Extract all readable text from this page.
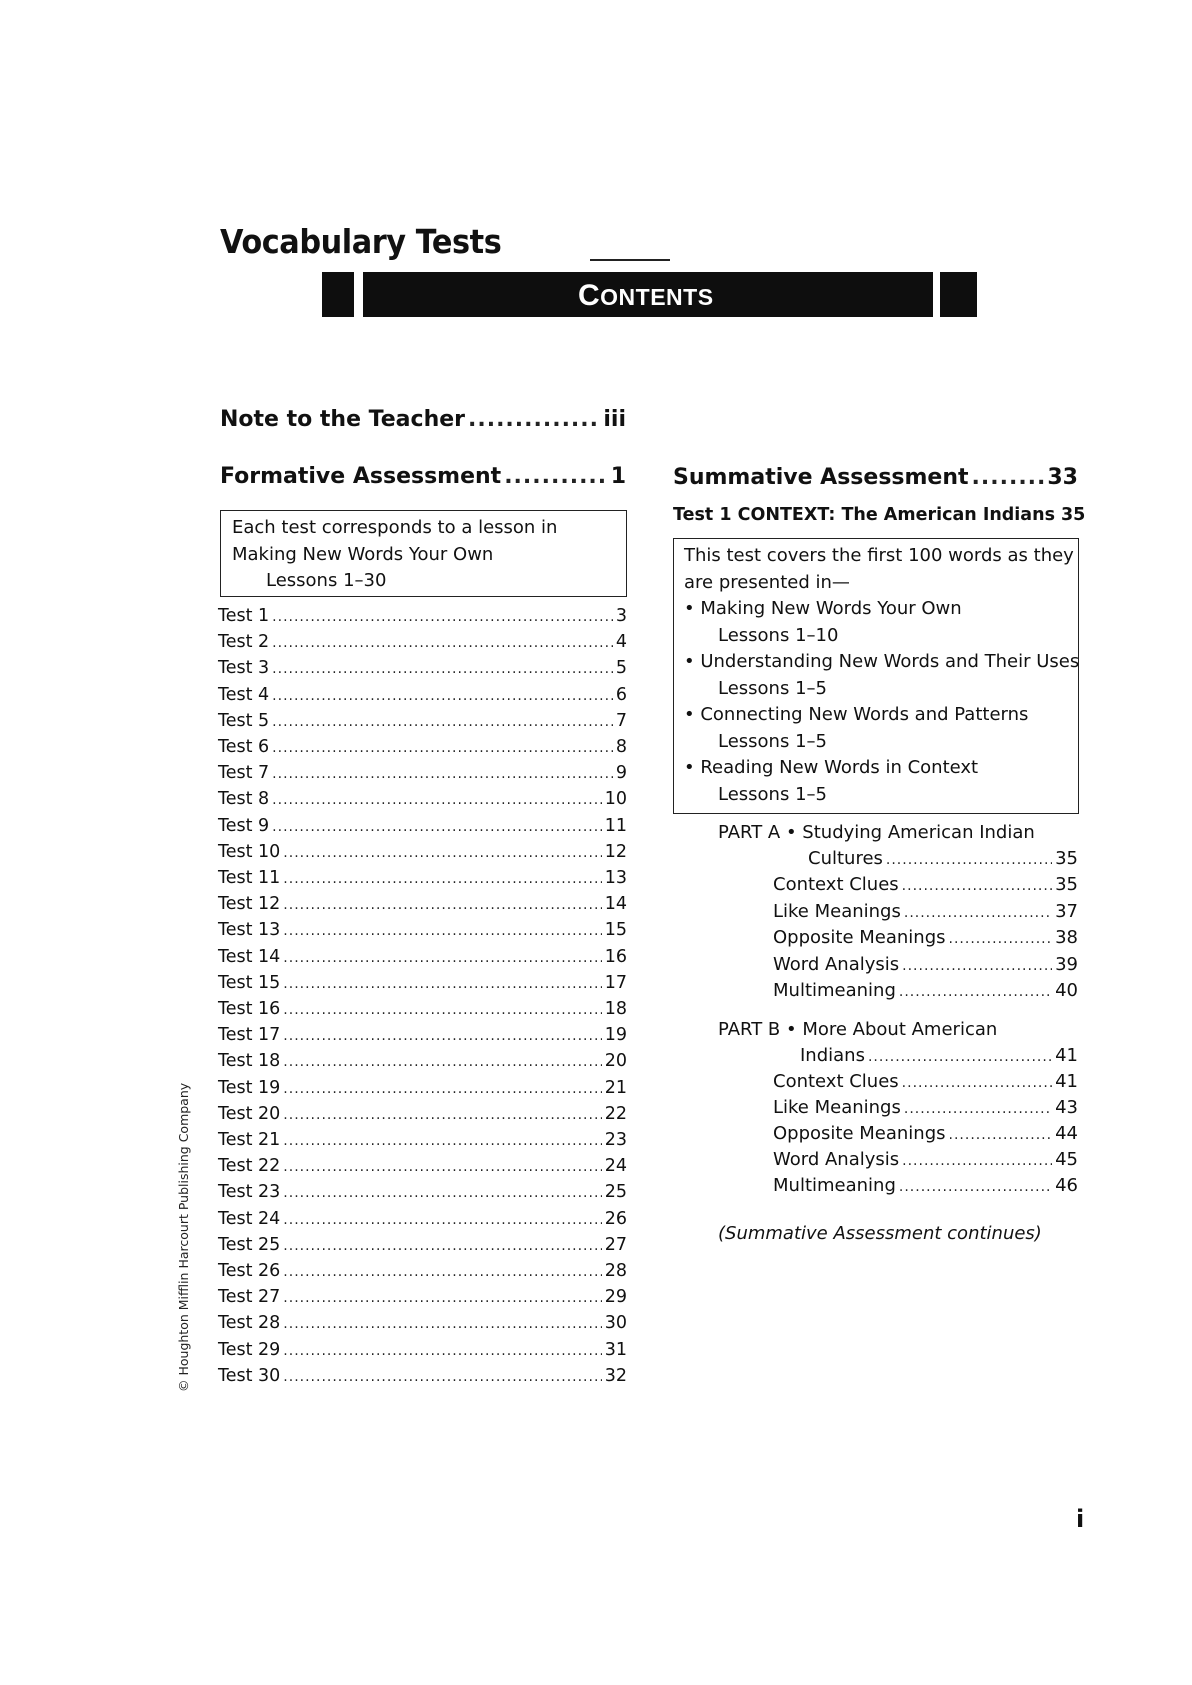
Vocabulary Tests
CONTENTS
Note to the Teacher .....	iii
Formative Assessment .....	1
Each test corresponds to a lesson in
Making New Words Your Own
Lessons 1–30
Test 1 .....	3
Test 2 .....	4
Test 3 .....	5
Test 4 .....	6
Test 5 .....	7
Test 6 .....	8
Test 7 .....	9
Test 8 .....	10
Test 9 .....	11
Test 10 .....	12
Test 11 .....	13
Test 12 .....	14
Test 13 .....	15
Test 14 .....	16
Test 15 .....	17
Test 16 .....	18
Test 17 .....	19
Test 18 .....	20
Test 19 .....	21
Test 20 .....	22
Test 21 .....	23
Test 22 .....	24
Test 23 .....	25
Test 24 .....	26
Test 25 .....	27
Test 26 .....	28
Test 27 .....	29
Test 28 .....	30
Test 29 .....	31
Test 30 .....	32
Summative Assessment .....	33
Test 1 CONTEXT: The American Indians 35
This test covers the first 100 words as they
are presented in—
• Making New Words Your Own
Lessons 1–10
• Understanding New Words and Their Uses
Lessons 1–5
• Connecting New Words and Patterns
Lessons 1–5
• Reading New Words in Context
Lessons 1–5
PART A • Studying American Indian
Cultures .....	35
Context Clues .....	35
Like Meanings .....	37
Opposite Meanings .....	38
Word Analysis .....	39
Multimeaning .....	40
PART B • More About American
Indians .....	41
Context Clues .....	41
Like Meanings .....	43
Opposite Meanings .....	44
Word Analysis .....	45
Multimeaning .....	46
(Summative Assessment continues)
© Houghton Mifflin Harcourt Publishing Company
i
